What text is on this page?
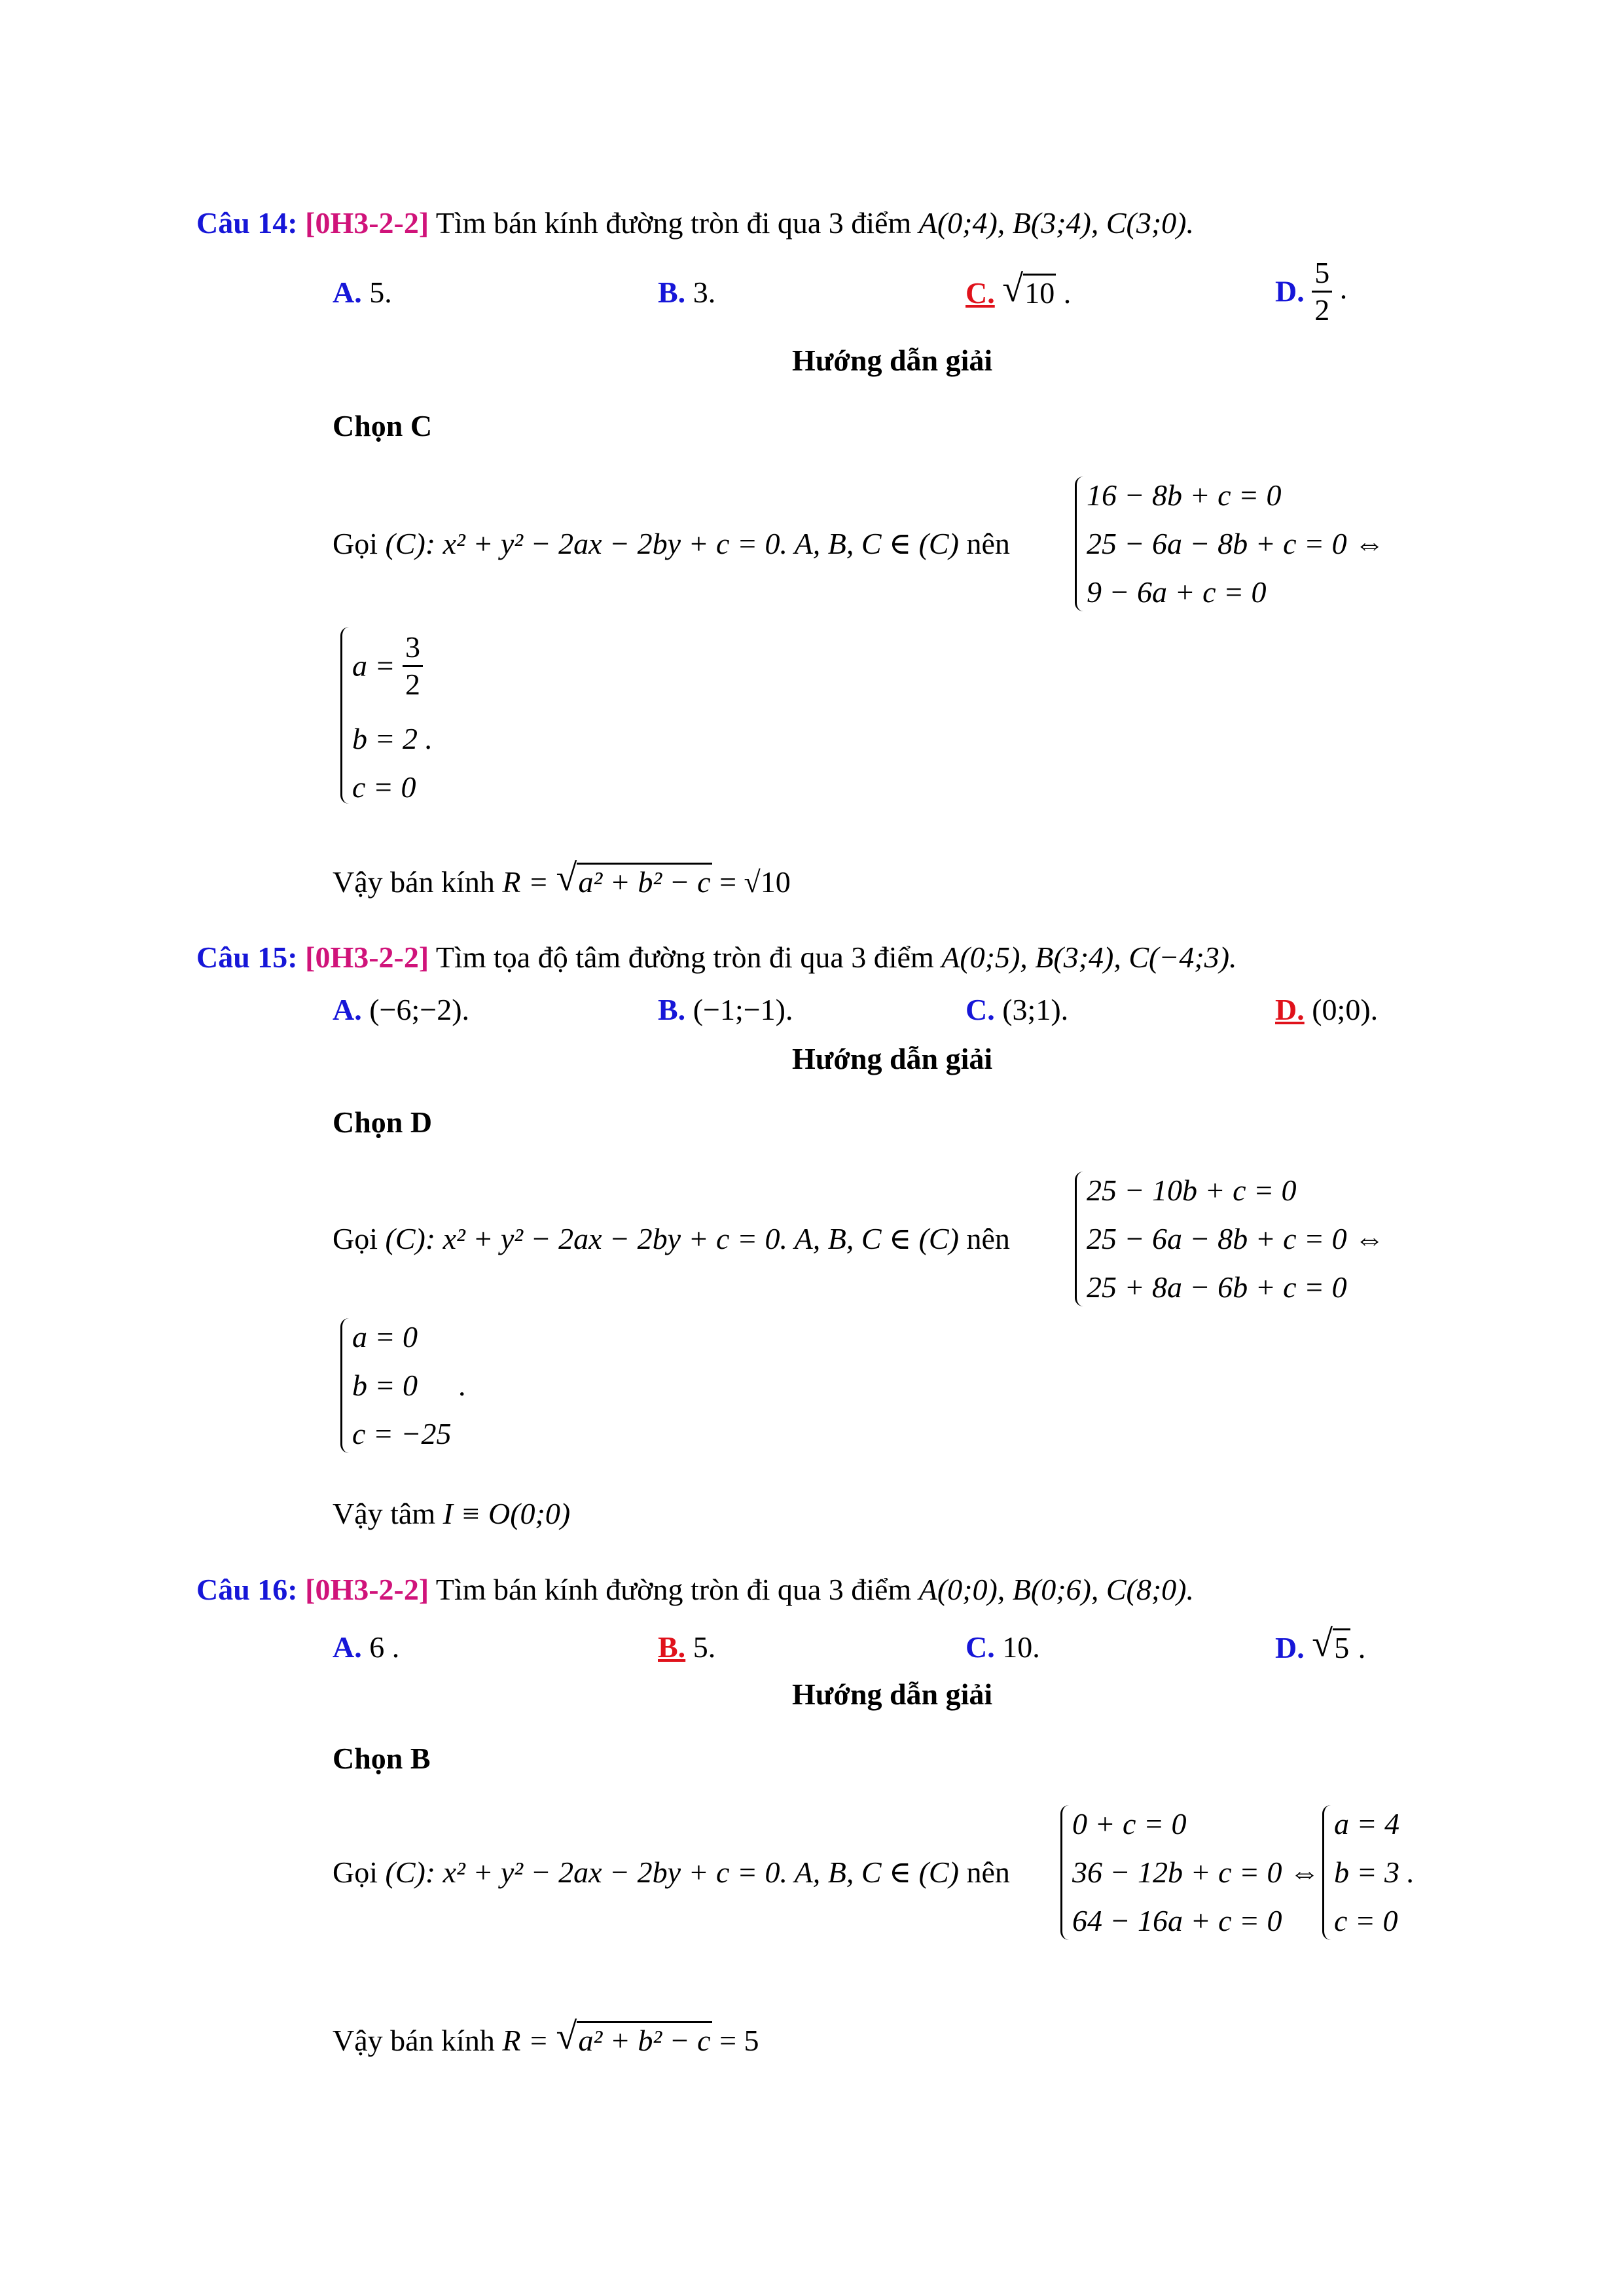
Câu 14: [0H3-2-2] Tìm bán kính đường tròn đi qua 3 điểm A(0;4), B(3;4), C(3;0).
A. 5.	B. 3.	C. √ 10 .	D. $\frac{5}{2}$ .
Hướng dẫn giải
Chọn C
Gọi (C): x² + y² − 2ax − 2by + c = 0. A, B, C ∈ (C) nên
16 − 8b + c = 0
25 − 6a − 8b + c = 0 ⇔
9 − 6a + c = 0
$a = \frac{3}{2}$
b = 2 .
c = 0
Vậy bán kính R = √ a² + b² − c = √10
Câu 15: [0H3-2-2] Tìm tọa độ tâm đường tròn đi qua 3 điểm A(0;5), B(3;4), C(−4;3).
A. (−6;−2).	B. (−1;−1).	C. (3;1).	D. (0;0).
Hướng dẫn giải
Chọn D
Gọi (C): x² + y² − 2ax − 2by + c = 0. A, B, C ∈ (C) nên
25 − 10b + c = 0
25 − 6a − 8b + c = 0 ⇔
25 + 8a − 6b + c = 0
a = 0
b = 0
c = −25
.
Vậy tâm I ≡ O(0;0)
Câu 16: [0H3-2-2] Tìm bán kính đường tròn đi qua 3 điểm A(0;0), B(0;6), C(8;0).
A. 6 .	B. 5.	C. 10.	D. √ 5 .
Hướng dẫn giải
Chọn B
Gọi (C): x² + y² − 2ax − 2by + c = 0. A, B, C ∈ (C) nên
0 + c = 0
36 − 12b + c = 0 ⇔
64 − 16a + c = 0
a = 4
b = 3 .
c = 0
Vậy bán kính R = √ a² + b² − c = 5
